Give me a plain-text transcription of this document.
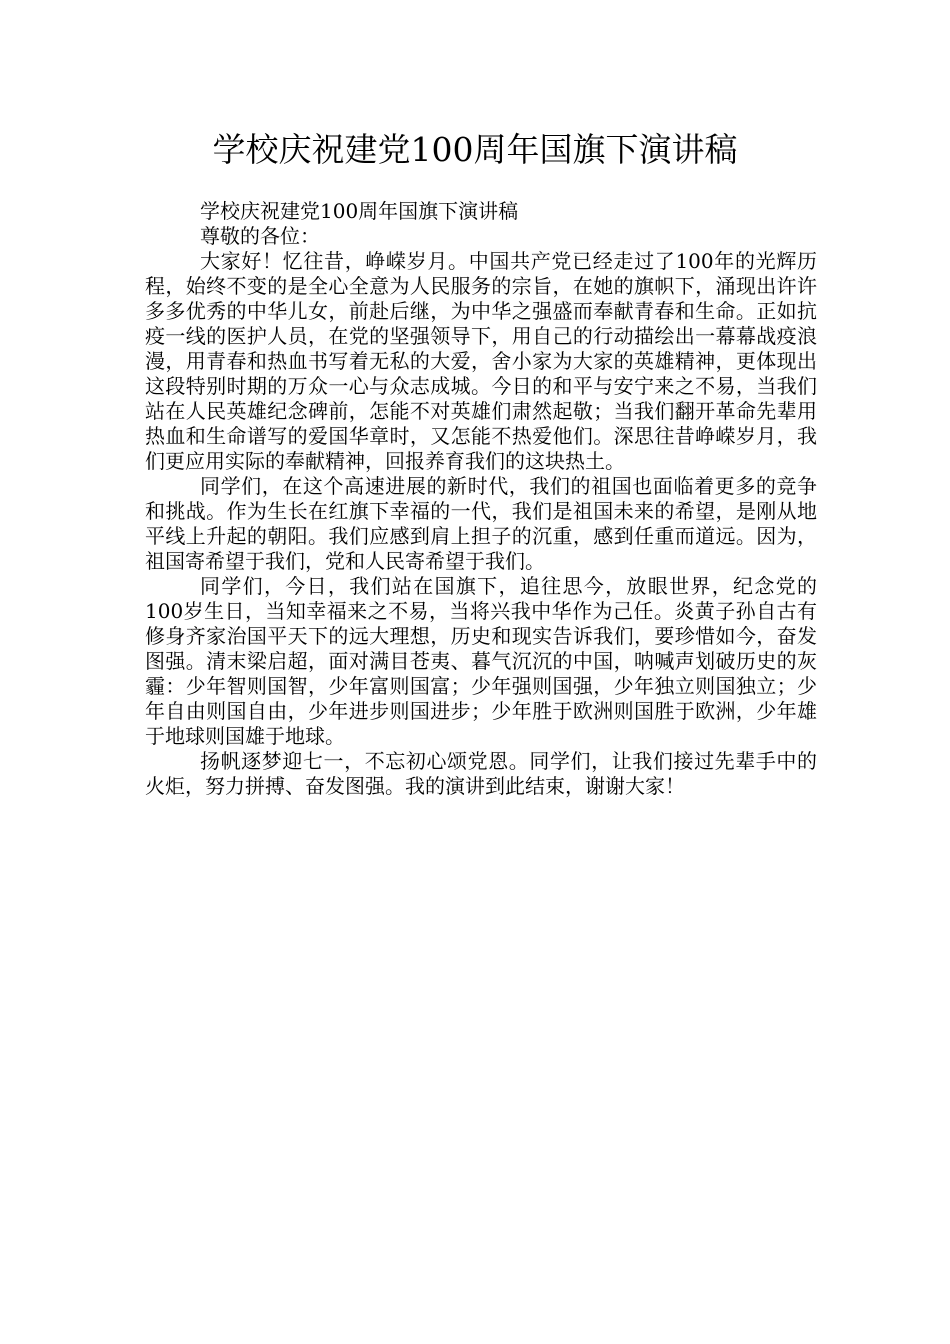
学校庆祝建党100周年国旗下演讲稿

学校庆祝建党100周年国旗下演讲稿

尊敬的各位：

大家好！忆往昔，峥嵘岁月。中国共产党已经走过了100年的光辉历程，始终不变的是全心全意为人民服务的宗旨，在她的旗帜下，涌现出许许多多优秀的中华儿女，前赴后继，为中华之强盛而奉献青春和生命。正如抗疫一线的医护人员，在党的坚强领导下，用自己的行动描绘出一幕幕战疫浪漫，用青春和热血书写着无私的大爱，舍小家为大家的英雄精神，更体现出这段特别时期的万众一心与众志成城。今日的和平与安宁来之不易，当我们站在人民英雄纪念碑前，怎能不对英雄们肃然起敬；当我们翻开革命先辈用热血和生命谱写的爱国华章时，又怎能不热爱他们。深思往昔峥嵘岁月，我们更应用实际的奉献精神，回报养育我们的这块热土。

同学们，在这个高速进展的新时代，我们的祖国也面临着更多的竞争和挑战。作为生长在红旗下幸福的一代，我们是祖国未来的希望，是刚从地平线上升起的朝阳。我们应感到肩上担子的沉重，感到任重而道远。因为，祖国寄希望于我们，党和人民寄希望于我们。

同学们，今日，我们站在国旗下，追往思今，放眼世界，纪念党的100岁生日，当知幸福来之不易，当将兴我中华作为己任。炎黄子孙自古有修身齐家治国平天下的远大理想，历史和现实告诉我们，要珍惜如今，奋发图强。清末梁启超，面对满目苍夷、暮气沉沉的中国，呐喊声划破历史的灰霾：少年智则国智，少年富则国富；少年强则国强，少年独立则国独立；少年自由则国自由，少年进步则国进步；少年胜于欧洲则国胜于欧洲，少年雄于地球则国雄于地球。

扬帆逐梦迎七一，不忘初心颂党恩。同学们，让我们接过先辈手中的火炬，努力拼搏、奋发图强。我的演讲到此结束，谢谢大家！
